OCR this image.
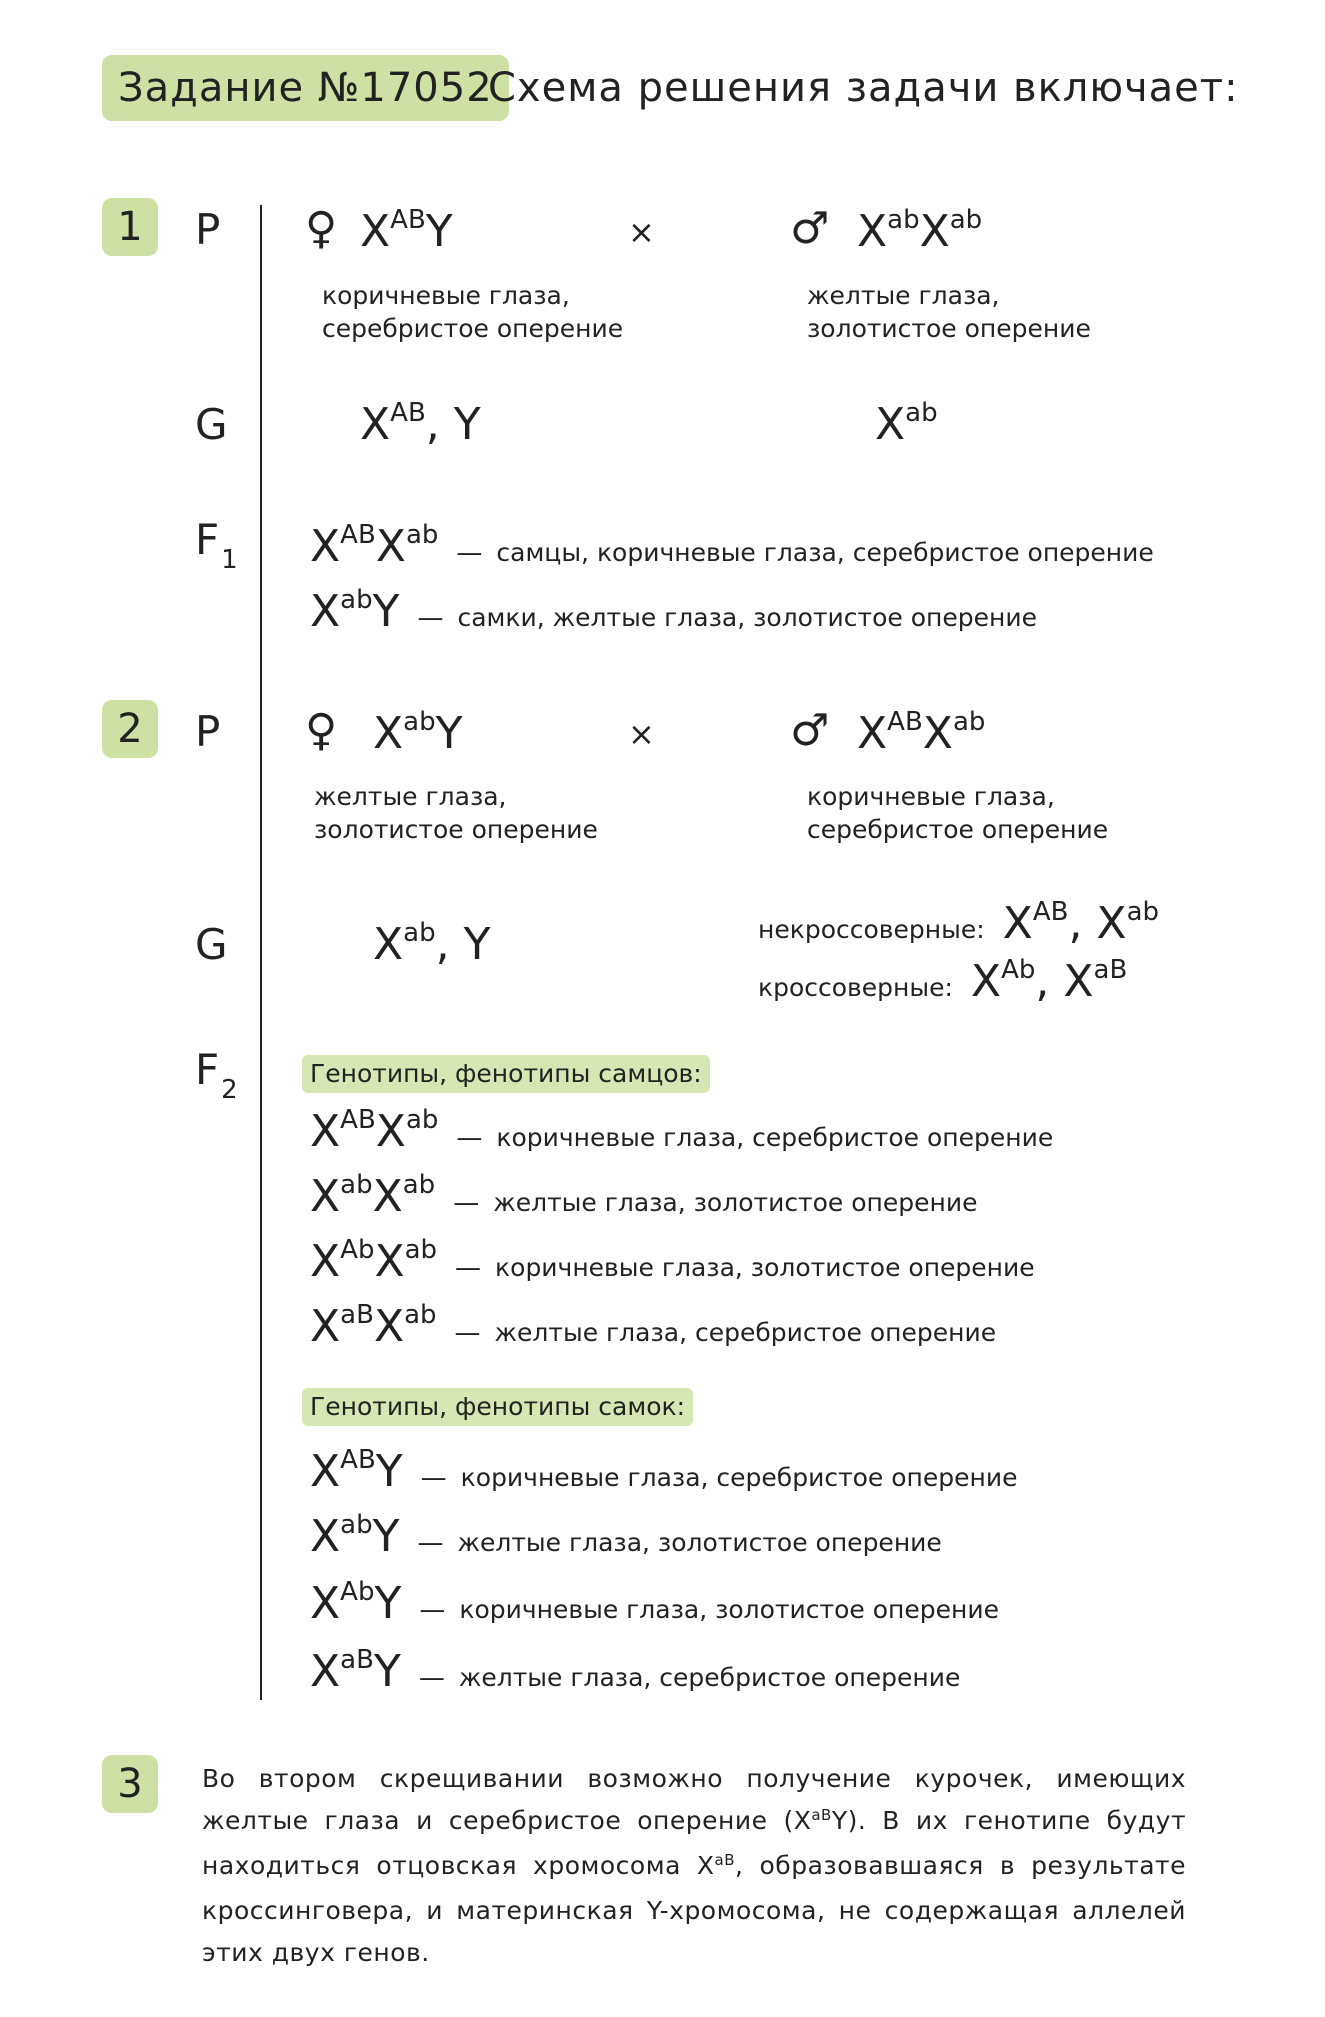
Задание №17052
Схема решения задачи включает:
1
2
3
P ♀ $X^{AB}Y$	×	♂ $X^{ab}X^{ab}$
коричневые глаза,
серебристое оперение
желтые глаза,
золотистое оперение
G	$X^{AB}$, Y	$X^{ab}$
$F_1$ $X^{AB}X^{ab}$
— самцы, коричневые глаза, серебристое оперение
$X^{ab}Y$ — самки, желтые глаза, золотистое оперение
P ♀ $X^{ab}Y$	×	♂ $X^{AB}X^{ab}$
желтые глаза,
золотистое оперение
коричневые глаза,
серебристое оперение
G	$X^{ab}$, Y	некроссоверные: $X^{AB}$, $X^{ab}$
кроссоверные: $X^{Ab}$, $X^{aB}$
$F_2$
Генотипы, фенотипы самцов:
$X^{AB}X^{ab}$
— коричневые глаза, серебристое оперение
$X^{ab}X^{ab}$
— желтые глаза, золотистое оперение
$X^{Ab}X^{ab}$
— коричневые глаза, золотистое оперение
$X^{aB}X^{ab}$
— желтые глаза, серебристое оперение
Генотипы, фенотипы самок:
$X^{AB}Y$ — коричневые глаза, серебристое оперение
$X^{ab}Y$ — желтые глаза, золотистое оперение
$X^{Ab}Y$ — коричневые глаза, золотистое оперение
$X^{aB}Y$ — желтые глаза, серебристое оперение
Во втором скрещивании возможно получение курочек, имеющих желтые глаза и серебристое оперение $(X^{aB}Y)$. В их генотипе будут находиться отцовская хромосома $X^{aB}$, образовавшаяся в результате кроссинговера, и материнская Y-хромосома, не содержащая аллелей этих двух генов.
